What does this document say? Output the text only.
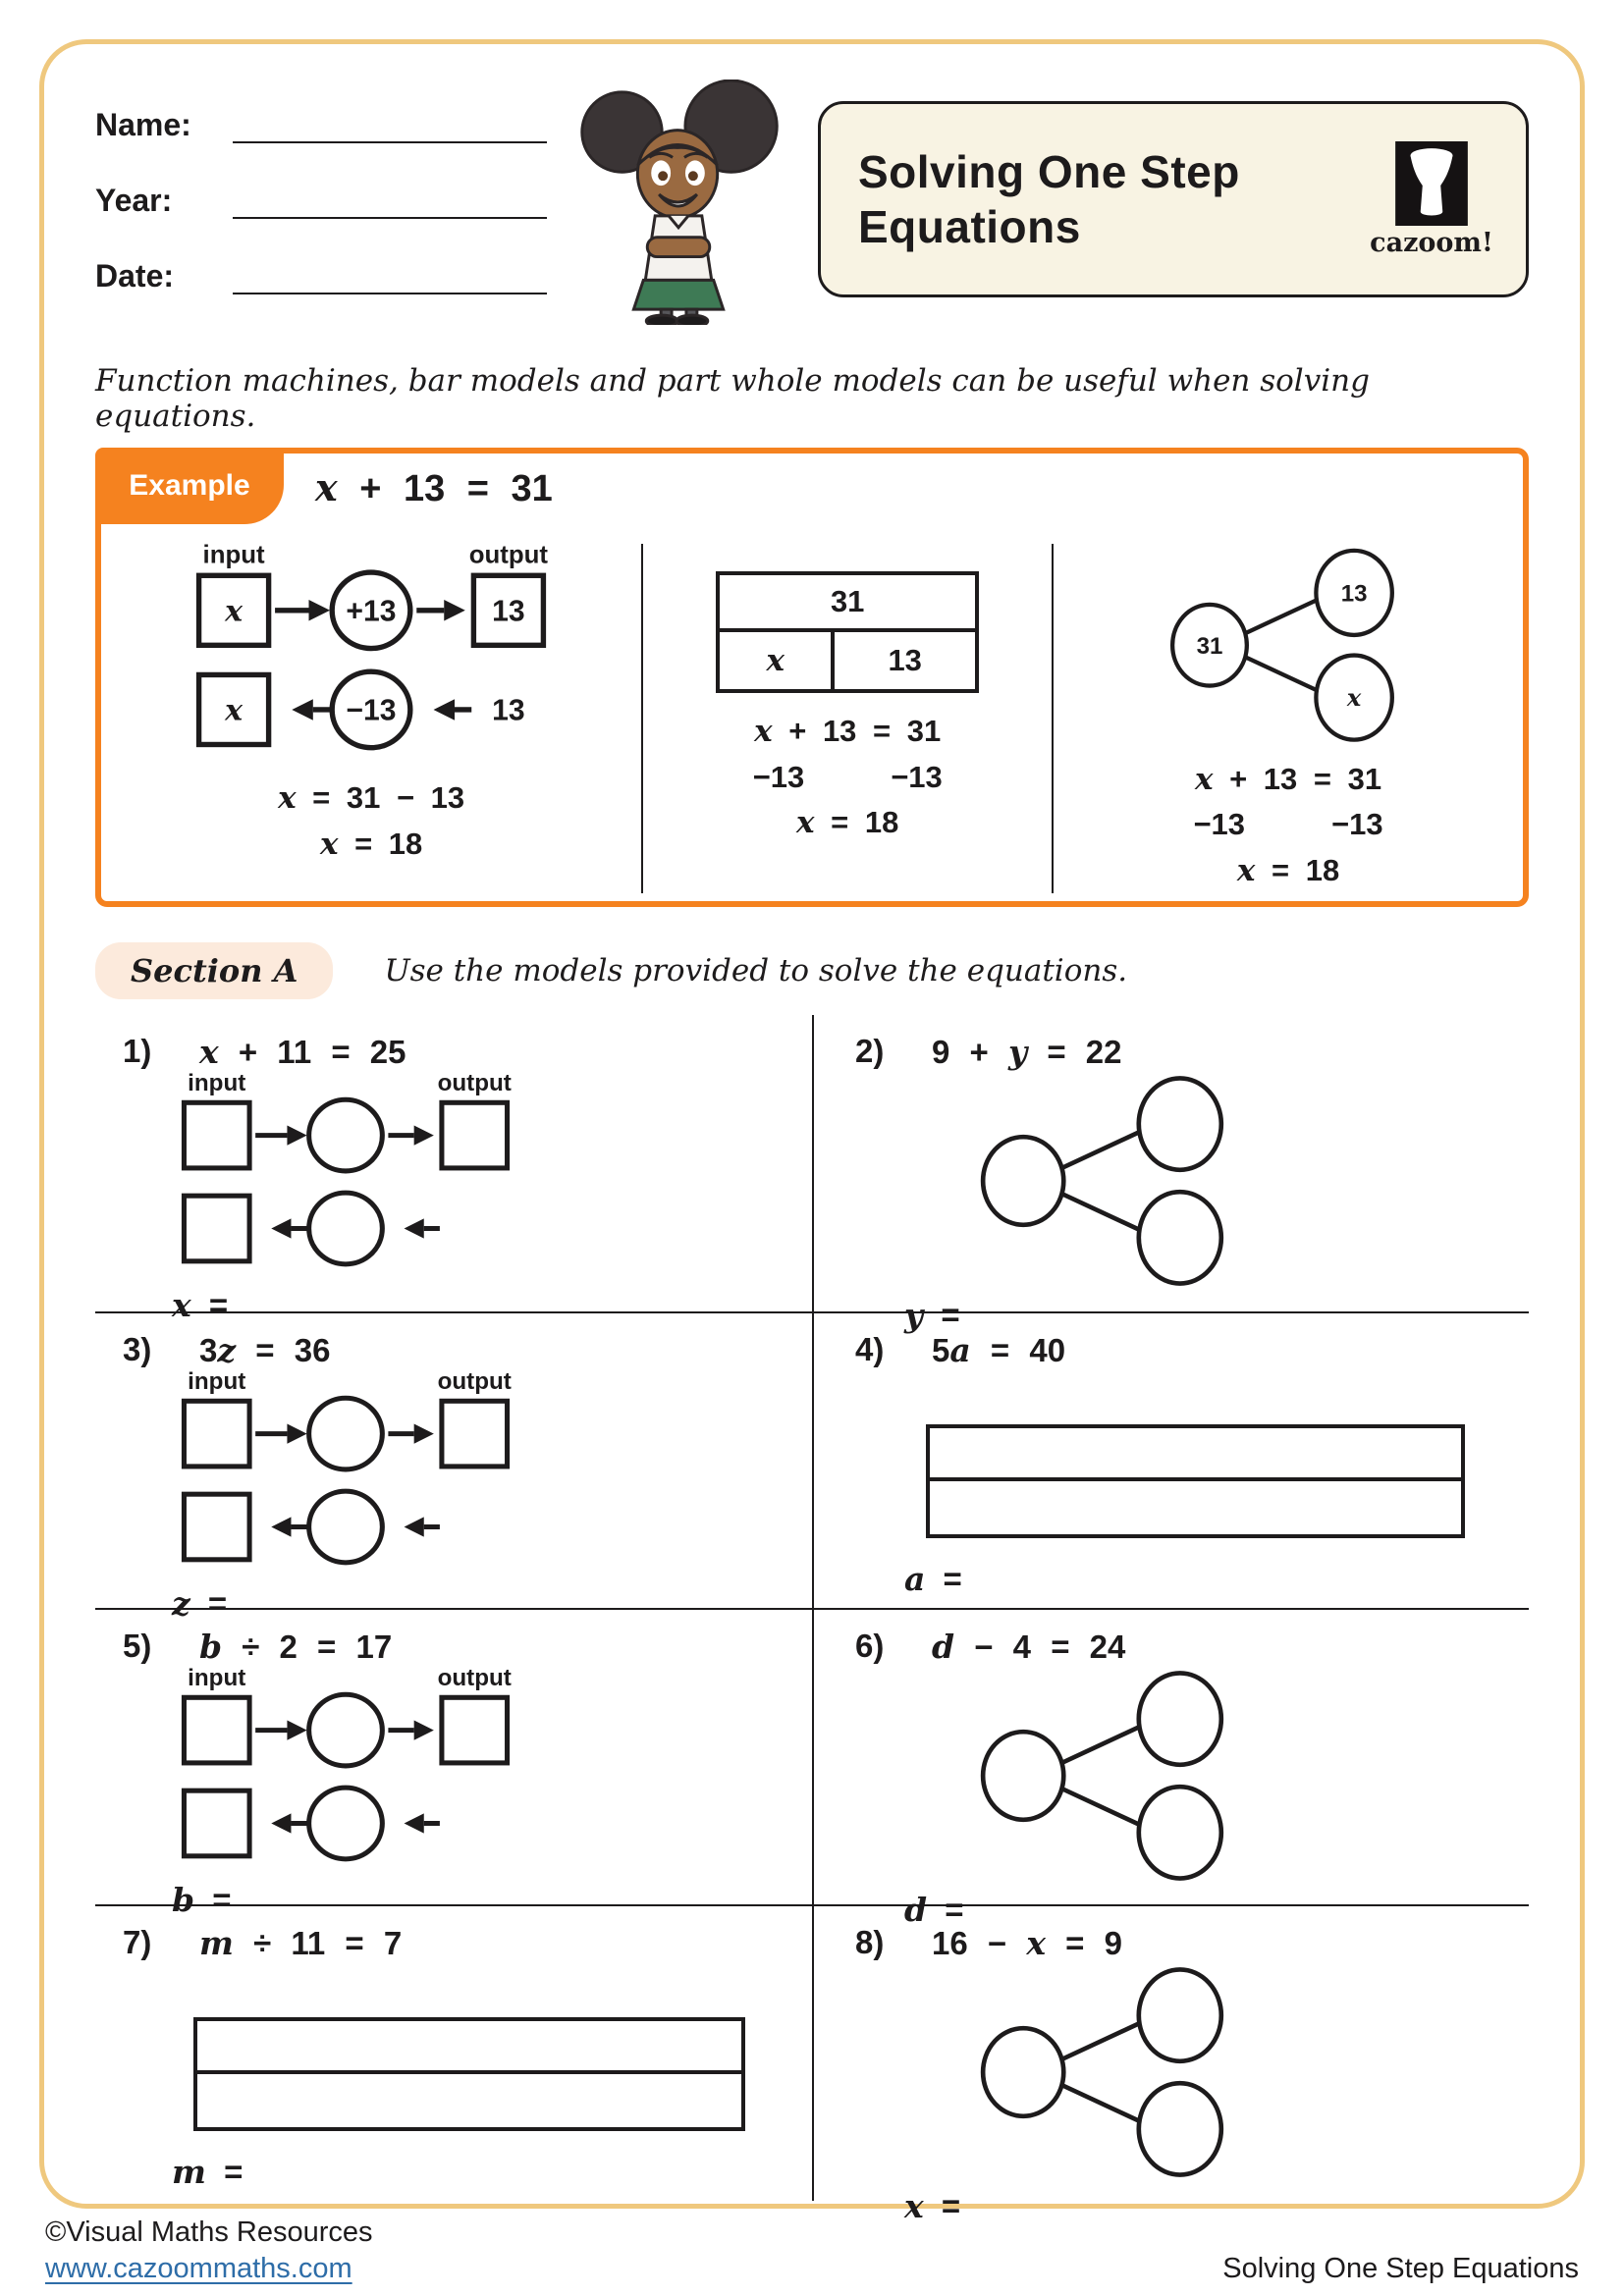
Name:
Year:
Date:
Solving One Step
Equations	cazoom!

Function machines, bar models and part whole models can be useful when solving equations.

Example	x + 13 = 31
input	output
x	+13	13
x	−13	13
x = 31 − 13
x = 18
31
x	13
x + 13 = 31
−13	−13
x = 18
31
13
x
x + 13 = 31
−13	−13
x = 18
Section A	Use the models provided to solve the equations.
1)	x + 11 = 25
input	output
x =
2)	9 + y = 22
y =
3)	3z = 36
input	output
z =
4)	5a = 40
a =
5)	b ÷ 2 = 17
input	output
b =
6)	d − 4 = 24
d =
7)	m ÷ 11 = 7
m =
8)	16 − x = 9
x =
©Visual Maths Resources
www.cazoommaths.com	Solving One Step Equations
